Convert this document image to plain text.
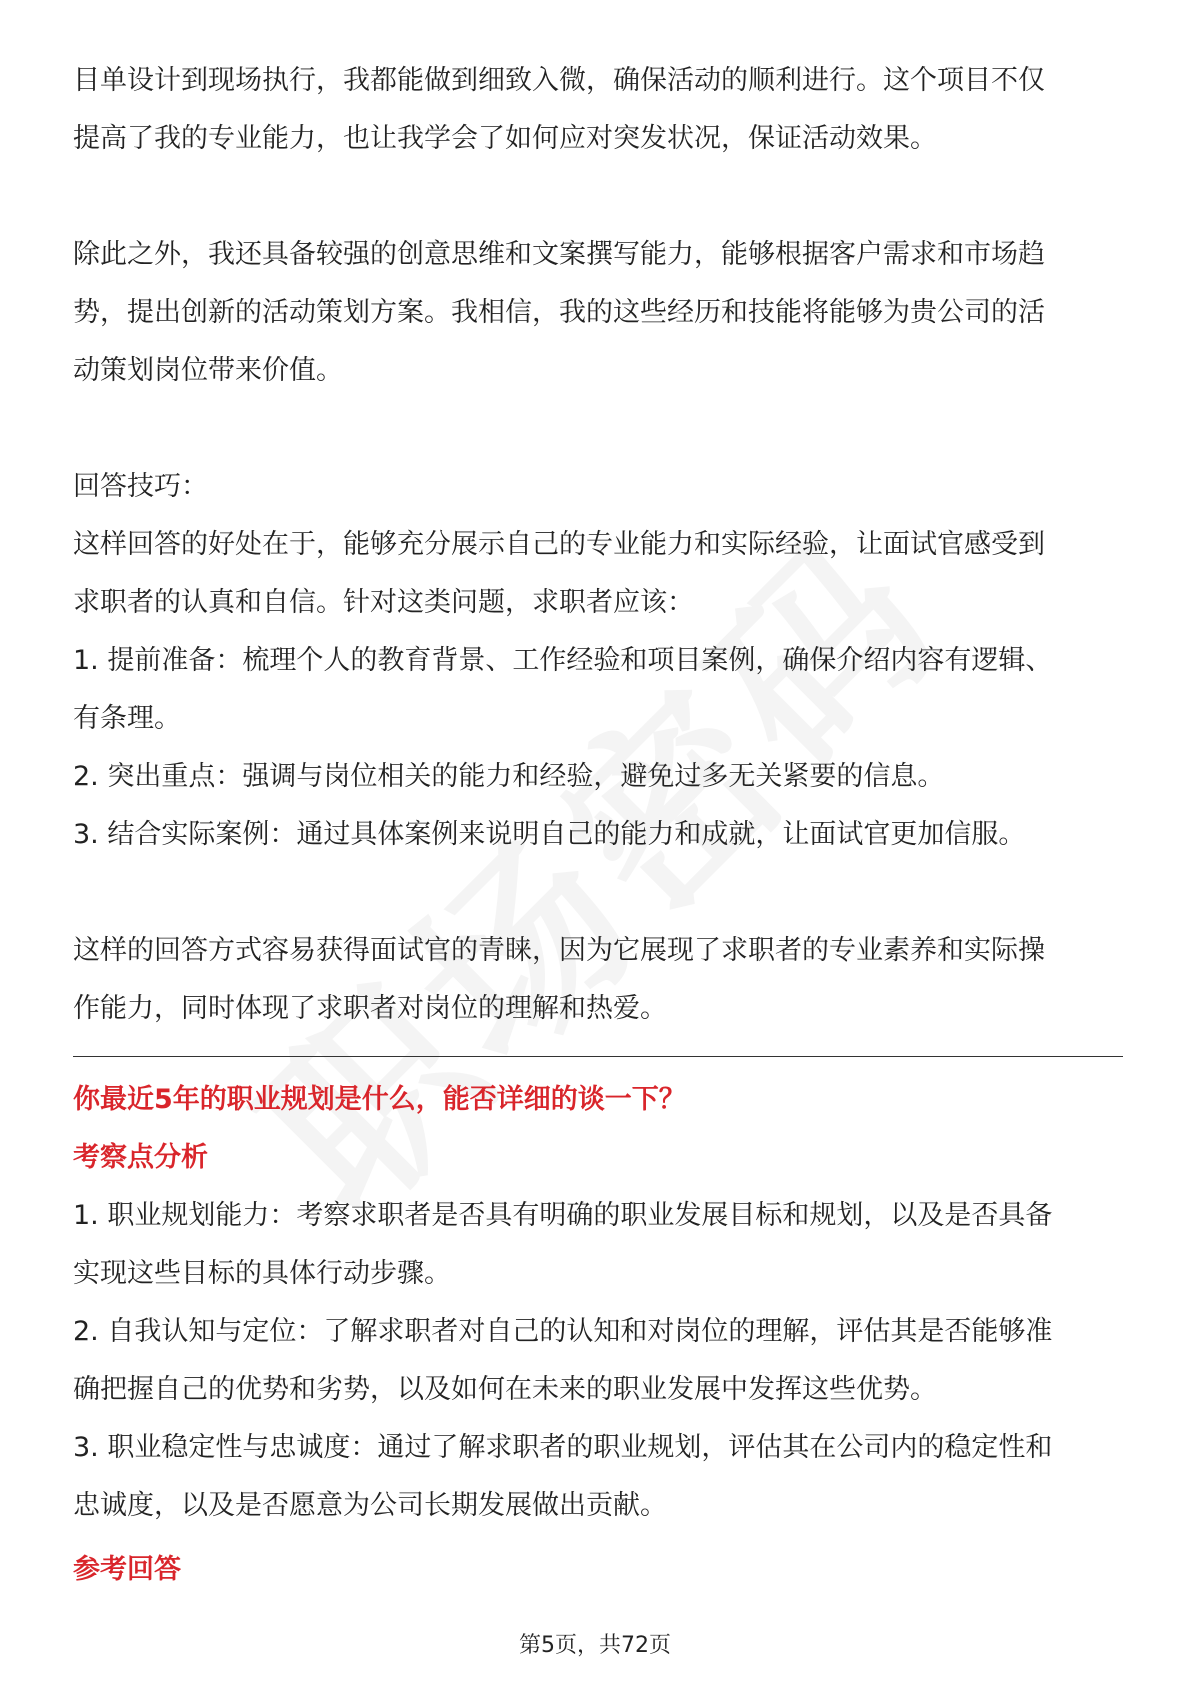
目单设计到现场执行，我都能做到细致入微，确保活动的顺利进行。这个项目不仅

提高了我的专业能力，也让我学会了如何应对突发状况，保证活动效果。

除此之外，我还具备较强的创意思维和文案撰写能力，能够根据客户需求和市场趋

势，提出创新的活动策划方案。我相信，我的这些经历和技能将能够为贵公司的活

动策划岗位带来价值。

回答技巧：

这样回答的好处在于，能够充分展示自己的专业能力和实际经验，让面试官感受到

求职者的认真和自信。针对这类问题，求职者应该：

1. 提前准备：梳理个人的教育背景、工作经验和项目案例，确保介绍内容有逻辑、

有条理。

2. 突出重点：强调与岗位相关的能力和经验，避免过多无关紧要的信息。

3. 结合实际案例：通过具体案例来说明自己的能力和成就，让面试官更加信服。

这样的回答方式容易获得面试官的青睐，因为它展现了求职者的专业素养和实际操

作能力，同时体现了求职者对岗位的理解和热爱。

你最近5年的职业规划是什么，能否详细的谈一下？

考察点分析

1. 职业规划能力：考察求职者是否具有明确的职业发展目标和规划，以及是否具备

实现这些目标的具体行动步骤。

2. 自我认知与定位：了解求职者对自己的认知和对岗位的理解，评估其是否能够准

确把握自己的优势和劣势，以及如何在未来的职业发展中发挥这些优势。

3. 职业稳定性与忠诚度：通过了解求职者的职业规划，评估其在公司内的稳定性和

忠诚度，以及是否愿意为公司长期发展做出贡献。

参考回答

第5页，共72页
